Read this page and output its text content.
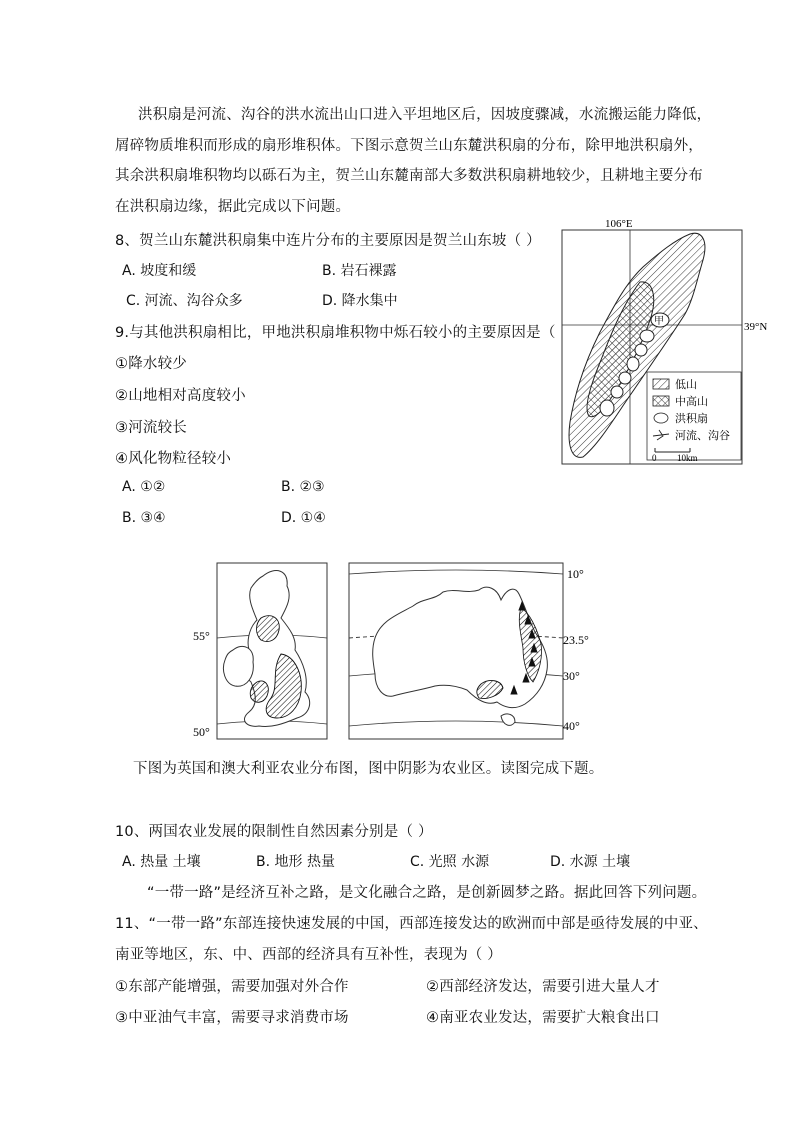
洪积扇是河流、沟谷的洪水流出山口进入平坦地区后，因坡度骤减，水流搬运能力降低，
屑碎物质堆积而形成的扇形堆积体。下图示意贺兰山东麓洪积扇的分布，除甲地洪积扇外，
其余洪积扇堆积物均以砾石为主，贺兰山东麓南部大多数洪积扇耕地较少，且耕地主要分布
在洪积扇边缘，据此完成以下问题。
8、贺兰山东麓洪积扇集中连片分布的主要原因是贺兰山东坡（ ）
A. 坡度和缓	B. 岩石裸露
C. 河流、沟谷众多	D. 降水集中
9.与其他洪积扇相比，甲地洪积扇堆积物中烁石较小的主要原因是（
①降水较少
②山地相对高度较小
③河流较长
④风化物粒径较小
A. ①②	B. ②③
B. ③④	D. ①④
106°E
39°N
甲
低山
中高山
洪积扇
河流、沟谷
0 10km
55°
50°
10°
23.5°
30°
40°
下图为英国和澳大利亚农业分布图，图中阴影为农业区。读图完成下题。
10、两国农业发展的限制性自然因素分别是（ ）
A. 热量 土壤	B. 地形 热量	C. 光照 水源	D. 水源 土壤
“一带一路”是经济互补之路，是文化融合之路，是创新圆梦之路。据此回答下列问题。
11、“一带一路”东部连接快速发展的中国，西部连接发达的欧洲而中部是亟待发展的中亚、
南亚等地区，东、中、西部的经济具有互补性，表现为（ ）
①东部产能增强，需要加强对外合作	②西部经济发达，需要引进大量人才
③中亚油气丰富，需要寻求消费市场	④南亚农业发达，需要扩大粮食出口
